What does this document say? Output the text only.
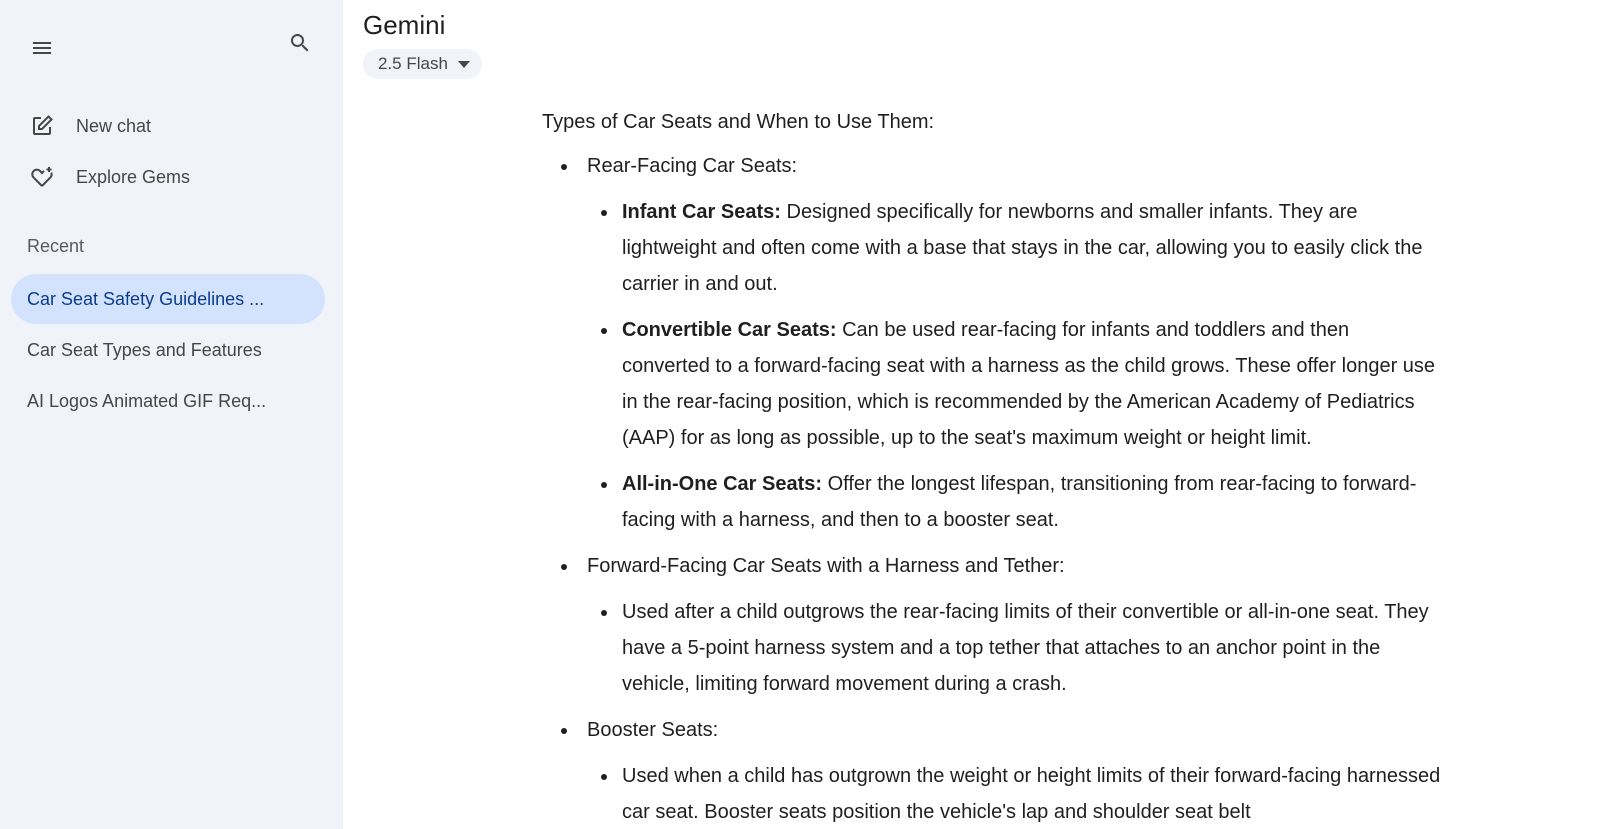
New chat
Explore Gems
Recent
Car Seat Safety Guidelines ...
Car Seat Types and Features
AI Logos Animated GIF Req...
Gemini
2.5 Flash
Types of Car Seats and When to Use Them:
Rear-Facing Car Seats:
Infant Car Seats: Designed specifically for newborns and smaller infants. They are lightweight and often come with a base that stays in the car, allowing you to easily click the carrier in and out.
Convertible Car Seats: Can be used rear-facing for infants and toddlers and then converted to a forward-facing seat with a harness as the child grows. These offer longer use in the rear-facing position, which is recommended by the American Academy of Pediatrics (AAP) for as long as possible, up to the seat's maximum weight or height limit.
All-in-One Car Seats: Offer the longest lifespan, transitioning from rear-facing to forward-facing with a harness, and then to a booster seat.
Forward-Facing Car Seats with a Harness and Tether:
Used after a child outgrows the rear-facing limits of their convertible or all-in-one seat. They have a 5-point harness system and a top tether that attaches to an anchor point in the vehicle, limiting forward movement during a crash.
Booster Seats:
Used when a child has outgrown the weight or height limits of their forward-facing harnessed car seat. Booster seats position the vehicle's lap and shoulder seat belt
